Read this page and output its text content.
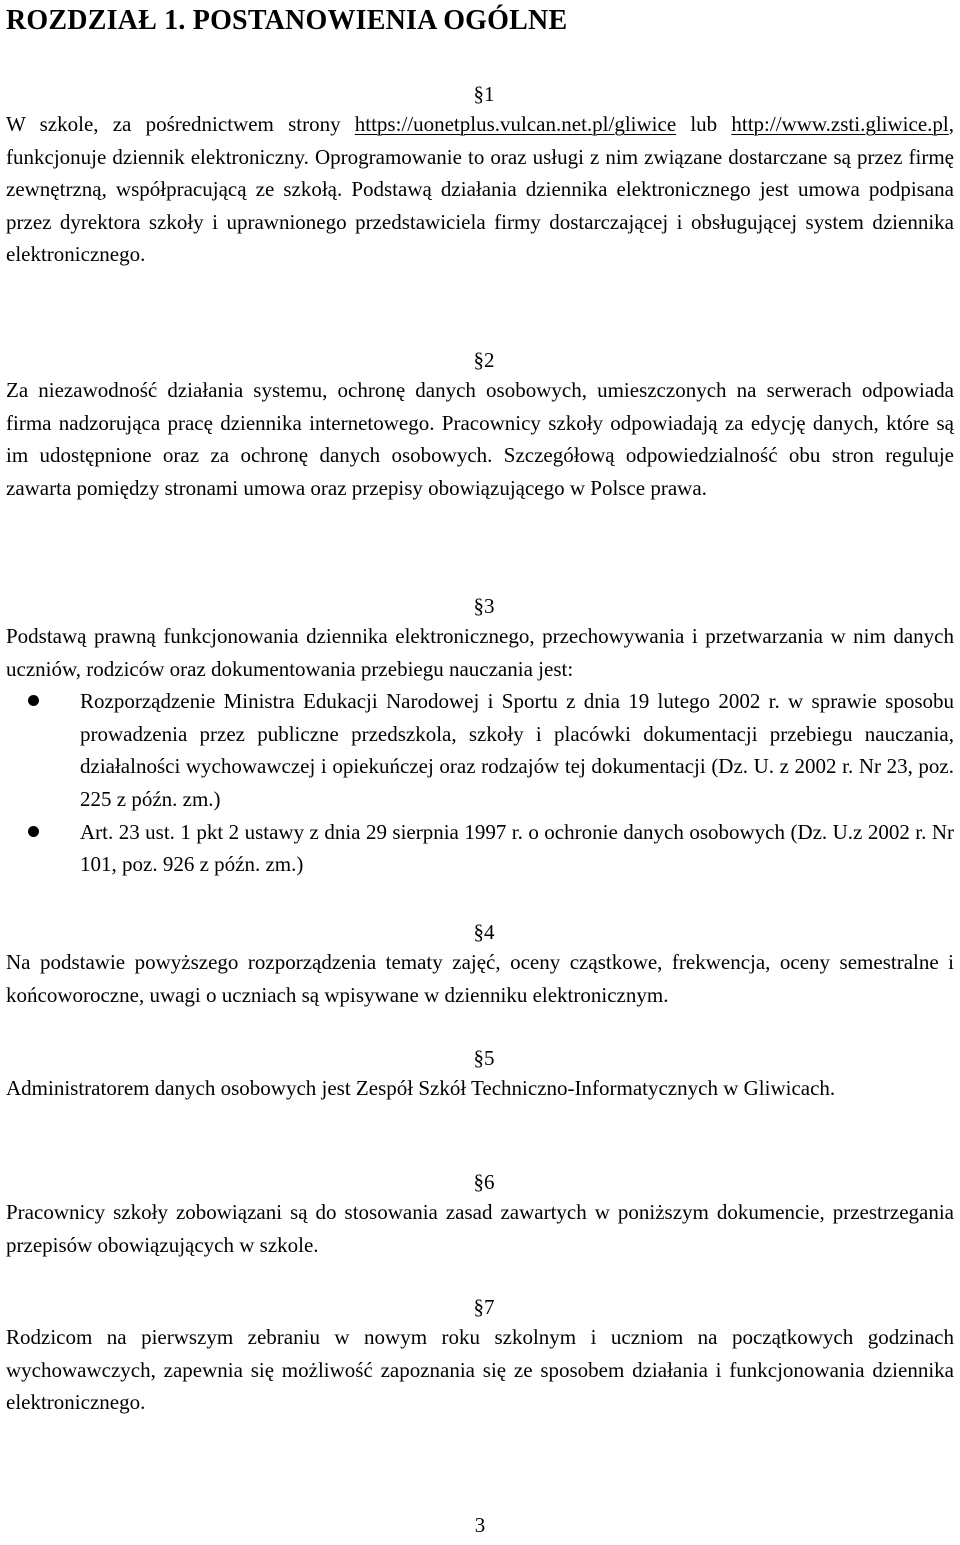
ROZDZIAŁ 1. POSTANOWIENIA OGÓLNE
§1

W szkole, za pośrednictwem strony https://uonetplus.vulcan.net.pl/gliwice lub http://www.zsti.gliwice.pl, funkcjonuje dziennik elektroniczny. Oprogramowanie to oraz usługi z nim związane dostarczane są przez firmę zewnętrzną, współpracującą ze szkołą. Podstawą działania dziennika elektronicznego jest umowa podpisana przez dyrektora szkoły i uprawnionego przedstawiciela firmy dostarczającej i obsługującej system dziennika elektronicznego.

§2

Za niezawodność działania systemu, ochronę danych osobowych, umieszczonych na serwerach odpowiada firma nadzorująca pracę dziennika internetowego. Pracownicy szkoły odpowiadają za edycję danych, które są im udostępnione oraz za ochronę danych osobowych. Szczegółową odpowiedzialność obu stron reguluje zawarta pomiędzy stronami umowa oraz przepisy obowiązującego w Polsce prawa.

§3

Podstawą prawną funkcjonowania dziennika elektronicznego, przechowywania i przetwarzania w nim danych uczniów, rodziców oraz dokumentowania przebiegu nauczania jest:

Rozporządzenie Ministra Edukacji Narodowej i Sportu z dnia 19 lutego 2002 r. w sprawie sposobu prowadzenia przez publiczne przedszkola, szkoły i placówki dokumentacji przebiegu nauczania, działalności wychowawczej i opiekuńczej oraz rodzajów tej dokumentacji (Dz. U. z 2002 r. Nr 23, poz. 225 z późn. zm.)
Art. 23 ust. 1 pkt 2 ustawy z dnia 29 sierpnia 1997 r. o ochronie danych osobowych (Dz. U.z 2002 r. Nr 101, poz. 926 z późn. zm.)
§4

Na podstawie powyższego rozporządzenia tematy zajęć, oceny cząstkowe, frekwencja, oceny semestralne i końcoworoczne, uwagi o uczniach są wpisywane w dzienniku elektronicznym.

§5

Administratorem danych osobowych jest Zespół Szkół Techniczno-Informatycznych w Gliwicach.

§6

Pracownicy szkoły zobowiązani są do stosowania zasad zawartych w poniższym dokumencie, przestrzegania przepisów obowiązujących w szkole.

§7

Rodzicom na pierwszym zebraniu w nowym roku szkolnym i uczniom na początkowych godzinach wychowawczych, zapewnia się możliwość zapoznania się ze sposobem działania i funkcjonowania dziennika elektronicznego.

3
